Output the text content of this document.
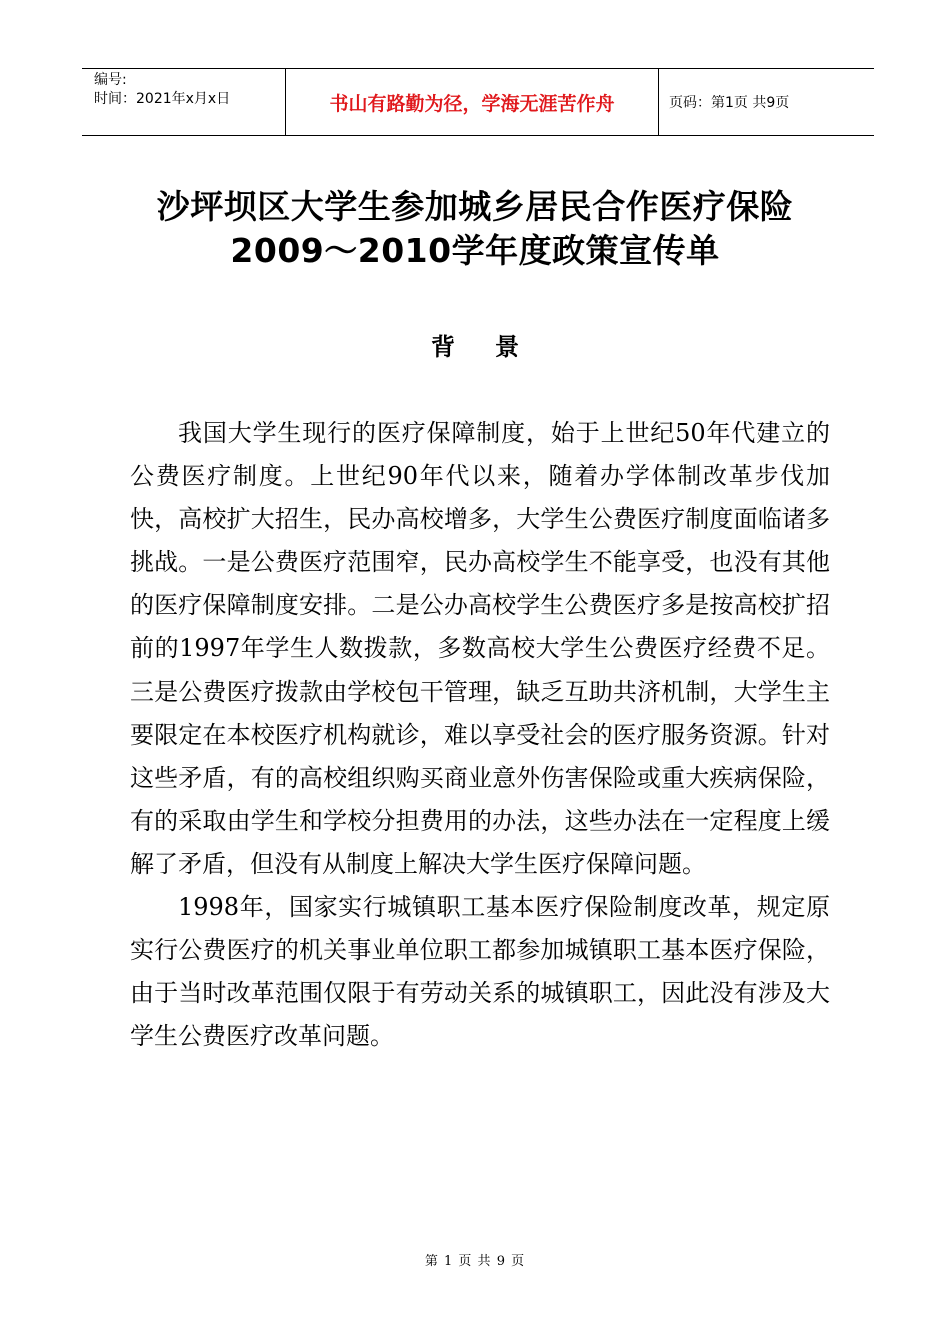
编号:
时间：2021年x月x日	书山有路勤为径，学海无涯苦作舟	页码：第1页 共9页
沙坪坝区大学生参加城乡居民合作医疗保险
2009～2010学年度政策宣传单
背景

我国大学生现行的医疗保障制度，始于上世纪50年代建立的公费医疗制度。上世纪90年代以来，随着办学体制改革步伐加快，高校扩大招生，民办高校增多，大学生公费医疗制度面临诸多挑战。一是公费医疗范围窄，民办高校学生不能享受，也没有其他的医疗保障制度安排。二是公办高校学生公费医疗多是按高校扩招前的1997年学生人数拨款，多数高校大学生公费医疗经费不足。三是公费医疗拨款由学校包干管理，缺乏互助共济机制，大学生主要限定在本校医疗机构就诊，难以享受社会的医疗服务资源。针对这些矛盾，有的高校组织购买商业意外伤害保险或重大疾病保险，有的采取由学生和学校分担费用的办法，这些办法在一定程度上缓解了矛盾，但没有从制度上解决大学生医疗保障问题。

1998年，国家实行城镇职工基本医疗保险制度改革，规定原实行公费医疗的机关事业单位职工都参加城镇职工基本医疗保险，由于当时改革范围仅限于有劳动关系的城镇职工，因此没有涉及大学生公费医疗改革问题。

第 1 页 共 9 页
